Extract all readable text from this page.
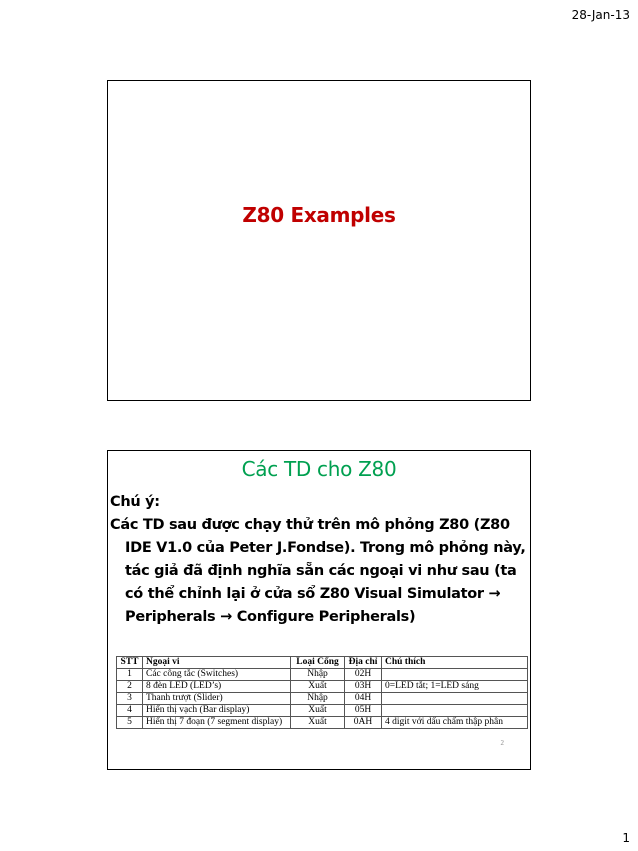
28-Jan-13
Z80 Examples
Các TD cho Z80

Chú ý:

Các TD sau được chạy thử trên mô phỏng Z80 (Z80 IDE V1.0 của Peter J.Fondse). Trong mô phỏng này, tác giả đã định nghĩa sẵn các ngoại vi như sau (ta có thể chỉnh lại ở cửa sổ Z80 Visual Simulator → Peripherals → Configure Peripherals)

STT	Ngoại vi	Loại Cổng	Địa chỉ	Chú thích
1	Các công tắc (Switches)	Nhập	02H	
2	8 đèn LED (LED’s)	Xuất	03H	0=LED tắt; 1=LED sáng
3	Thanh trượt (Slider)	Nhập	04H	
4	Hiển thị vạch (Bar display)	Xuất	05H	
5	Hiển thị 7 đoạn (7 segment display)	Xuất	0AH	4 digit với dấu chấm thập phân
2
1
